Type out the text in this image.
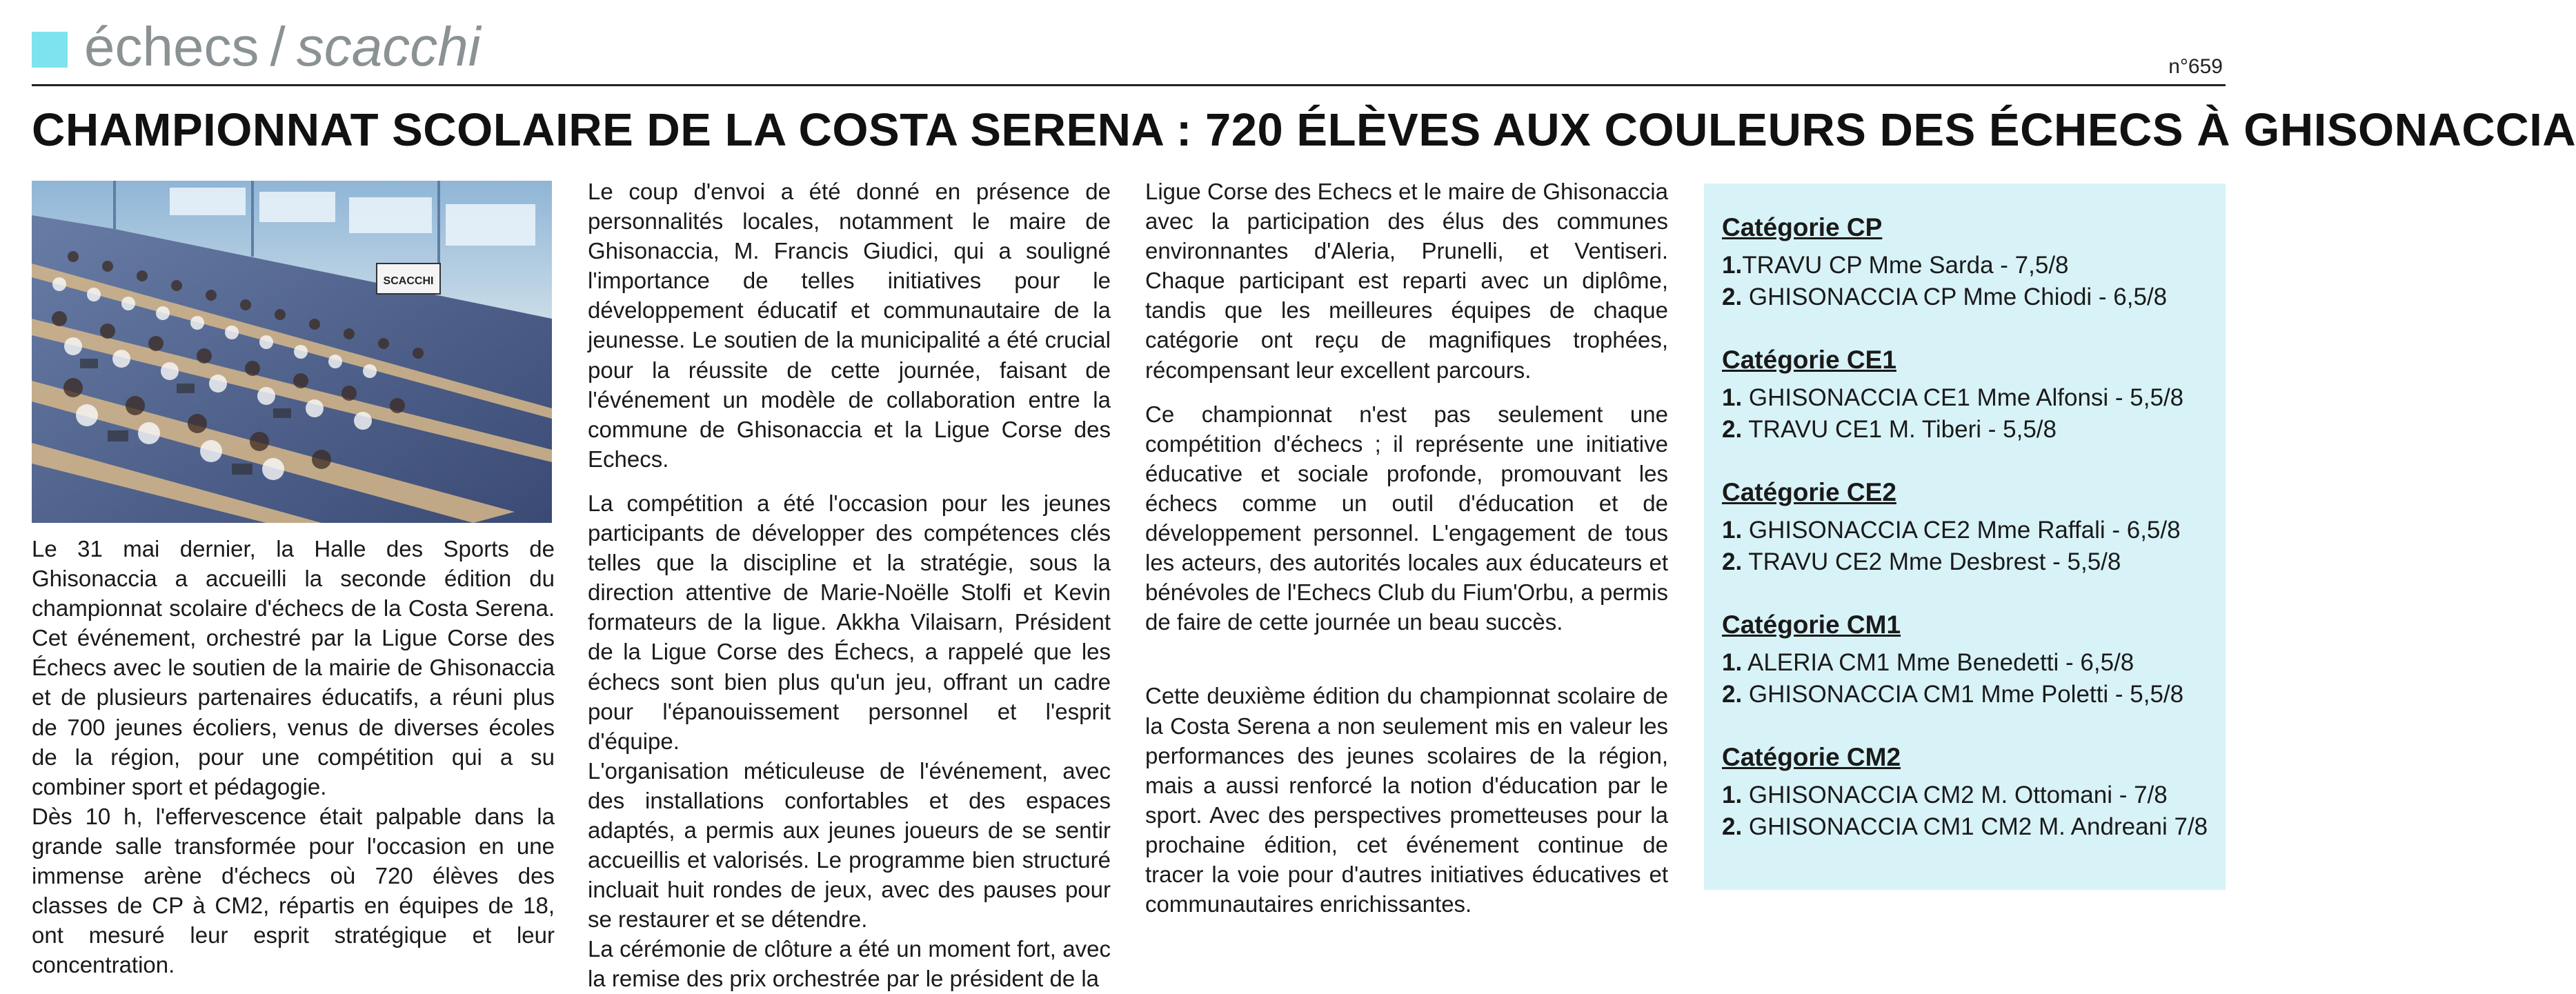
échecs / scacchi	n°659
CHAMPIONNAT SCOLAIRE DE LA COSTA SERENA : 720 ÉLÈVES AUX COULEURS DES ÉCHECS À GHISONACCIA
SCACCHI

Le 31 mai dernier, la Halle des Sports de Ghisonaccia a accueilli la seconde édition du championnat scolaire d'échecs de la Costa Serena. Cet événement, orchestré par la Ligue Corse des Échecs avec le soutien de la mairie de Ghisonaccia et de plusieurs partenaires éducatifs, a réuni plus de 700 jeunes écoliers, venus de diverses écoles de la région, pour une compétition qui a su combiner sport et pédagogie.

Dès 10 h, l'effervescence était palpable dans la grande salle transformée pour l'occasion en une immense arène d'échecs où 720 élèves des classes de CP à CM2, répartis en équipes de 18, ont mesuré leur esprit stratégique et leur concentration.

Le coup d'envoi a été donné en présence de personnalités locales, notamment le maire de Ghisonaccia, M. Francis Giudici, qui a souligné l'importance de telles initiatives pour le développement éducatif et communautaire de la jeunesse. Le soutien de la municipalité a été crucial pour la réussite de cette journée, faisant de l'événement un modèle de collaboration entre la commune de Ghisonaccia et la Ligue Corse des Echecs.

La compétition a été l'occasion pour les jeunes participants de développer des compétences clés telles que la discipline et la stratégie, sous la direction attentive de Marie-Noëlle Stolfi et Kevin formateurs de la ligue. Akkha Vilaisarn, Président de la Ligue Corse des Échecs, a rappelé que les échecs sont bien plus qu'un jeu, offrant un cadre pour l'épanouissement personnel et l'esprit d'équipe.

L'organisation méticuleuse de l'événement, avec des installations confortables et des espaces adaptés, a permis aux jeunes joueurs de se sentir accueillis et valorisés. Le programme bien structuré incluait huit rondes de jeux, avec des pauses pour se restaurer et se détendre.

La cérémonie de clôture a été un moment fort, avec la remise des prix orchestrée par le président de la

Ligue Corse des Echecs et le maire de Ghisonaccia avec la participation des élus des communes environnantes d'Aleria, Prunelli, et Ventiseri. Chaque participant est reparti avec un diplôme, tandis que les meilleures équipes de chaque catégorie ont reçu de magnifiques trophées, récompensant leur excellent parcours.

Ce championnat n'est pas seulement une compétition d'échecs ; il représente une initiative éducative et sociale profonde, promouvant les échecs comme un outil d'éducation et de développement personnel. L'engagement de tous les acteurs, des autorités locales aux éducateurs et bénévoles de l'Echecs Club du Fium'Orbu, a permis de faire de cette journée un beau succès.

Cette deuxième édition du championnat scolaire de la Costa Serena a non seulement mis en valeur les performances des jeunes scolaires de la région, mais a aussi renforcé la notion d'éducation par le sport. Avec des perspectives prometteuses pour la prochaine édition, cet événement continue de tracer la voie pour d'autres initiatives éducatives et communautaires enrichissantes.

Catégorie CP

1.TRAVU CP Mme Sarda - 7,5/8

2. GHISONACCIA CP Mme Chiodi - 6,5/8

Catégorie CE1

1. GHISONACCIA CE1 Mme Alfonsi - 5,5/8

2. TRAVU CE1 M. Tiberi - 5,5/8

Catégorie CE2

1. GHISONACCIA CE2 Mme Raffali - 6,5/8

2. TRAVU CE2 Mme Desbrest - 5,5/8

Catégorie CM1

1. ALERIA CM1 Mme Benedetti - 6,5/8

2. GHISONACCIA CM1 Mme Poletti - 5,5/8

Catégorie CM2

1. GHISONACCIA CM2 M. Ottomani - 7/8

2. GHISONACCIA CM1 CM2 M. Andreani 7/8
